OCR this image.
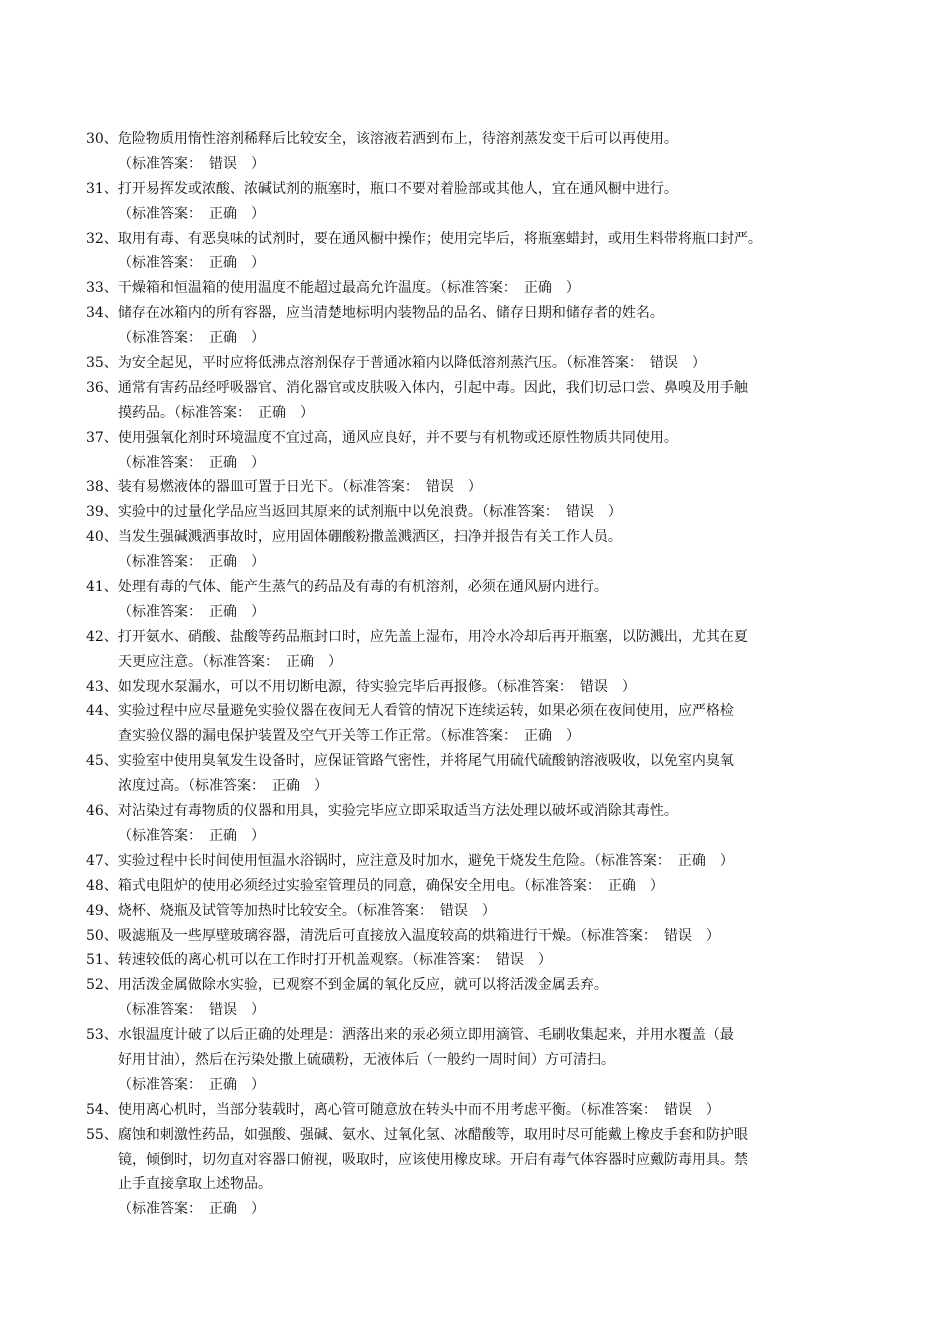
30、危险物质用惰性溶剂稀释后比较安全，该溶液若洒到布上，待溶剂蒸发变干后可以再使用。
（标准答案：　错误　）
31、打开易挥发或浓酸、浓碱试剂的瓶塞时，瓶口不要对着脸部或其他人，宜在通风橱中进行。
（标准答案：　正确　）
32、取用有毒、有恶臭味的试剂时，要在通风橱中操作；使用完毕后，将瓶塞蜡封，或用生料带将瓶口封严。
（标准答案：　正确　）
33、干燥箱和恒温箱的使用温度不能超过最高允许温度。（标准答案：　正确　）
34、储存在冰箱内的所有容器，应当清楚地标明内装物品的品名、储存日期和储存者的姓名。
（标准答案：　正确　）
35、为安全起见，平时应将低沸点溶剂保存于普通冰箱内以降低溶剂蒸汽压。（标准答案：　错误　）
36、通常有害药品经呼吸器官、消化器官或皮肤吸入体内，引起中毒。因此，我们切忌口尝、鼻嗅及用手触
摸药品。（标准答案：　正确　）
37、使用强氧化剂时环境温度不宜过高，通风应良好，并不要与有机物或还原性物质共同使用。
（标准答案：　正确　）
38、装有易燃液体的器皿可置于日光下。（标准答案：　错误　）
39、实验中的过量化学品应当返回其原来的试剂瓶中以免浪费。（标准答案：　错误　）
40、当发生强碱溅洒事故时，应用固体硼酸粉撒盖溅洒区，扫净并报告有关工作人员。
（标准答案：　正确　）
41、处理有毒的气体、能产生蒸气的药品及有毒的有机溶剂，必须在通风厨内进行。
（标准答案：　正确　）
42、打开氨水、硝酸、盐酸等药品瓶封口时，应先盖上湿布，用冷水冷却后再开瓶塞，以防溅出，尤其在夏
天更应注意。（标准答案：　正确　）
43、如发现水泵漏水，可以不用切断电源，待实验完毕后再报修。（标准答案：　错误　）
44、实验过程中应尽量避免实验仪器在夜间无人看管的情况下连续运转，如果必须在夜间使用，应严格检
查实验仪器的漏电保护装置及空气开关等工作正常。（标准答案：　正确　）
45、实验室中使用臭氧发生设备时，应保证管路气密性，并将尾气用硫代硫酸钠溶液吸收，以免室内臭氧
浓度过高。（标准答案：　正确　）
46、对沾染过有毒物质的仪器和用具，实验完毕应立即采取适当方法处理以破坏或消除其毒性。
（标准答案：　正确　）
47、实验过程中长时间使用恒温水浴锅时，应注意及时加水，避免干烧发生危险。（标准答案：　正确　）
48、箱式电阻炉的使用必须经过实验室管理员的同意，确保安全用电。（标准答案：　正确　）
49、烧杯、烧瓶及试管等加热时比较安全。（标准答案：　错误　）
50、吸滤瓶及一些厚壁玻璃容器，清洗后可直接放入温度较高的烘箱进行干燥。（标准答案：　错误　）
51、转速较低的离心机可以在工作时打开机盖观察。（标准答案：　错误　）
52、用活泼金属做除水实验，已观察不到金属的氧化反应，就可以将活泼金属丢弃。
（标准答案：　错误　）
53、水银温度计破了以后正确的处理是：洒落出来的汞必须立即用滴管、毛刷收集起来，并用水覆盖（最
好用甘油），然后在污染处撒上硫磺粉，无液体后（一般约一周时间）方可清扫。
（标准答案：　正确　）
54、使用离心机时，当部分装载时，离心管可随意放在转头中而不用考虑平衡。（标准答案：　错误　）
55、腐蚀和刺激性药品，如强酸、强碱、氨水、过氧化氢、冰醋酸等，取用时尽可能戴上橡皮手套和防护眼
镜，倾倒时，切勿直对容器口俯视，吸取时，应该使用橡皮球。开启有毒气体容器时应戴防毒用具。禁
止手直接拿取上述物品。
（标准答案：　正确　）
